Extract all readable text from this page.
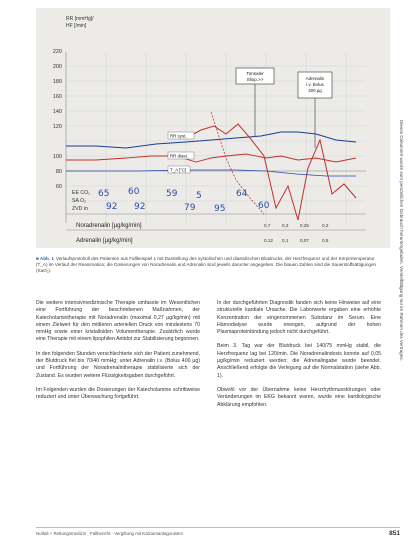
RR [mmHg]/
HF [/min]
220
200
180
160
140
120
100
80
60
Tonsaler
Sliop.>>	Adrenalin
i.v. Bolus
400 µg
RR syst.
RR diast.
T_A [°C]
EE CO₂
SA O₂
ZVD in
65 60	59 5	64
92 92	79 95	60
Noradrenalin [µg/kg/min]	0,7	0,3	0,25	0,2
Adrenalin [µg/kg/min]	0,12 0,1	0,07	0,5
■ Abb. 1 Verlaufsprotokoll des Patienten aus Fallbeispiel 1 mit Darstellung des systolischen und diastolischen Blutdrucks, der Herzfrequenz und der Körpertemperatur (T_A) im Verlauf der Reanimation; die Dosierungen von Noradrenalin und Adrenalin sind jeweils darunter angegeben. Die blauen Zahlen sind die Sauerstoffsättigungen (SaO₂).

Die weitere intensivmedizinische Therapie umfasste im Wesentlichen eine Fortführung der beschriebenen Maßnahmen, der Katecholamintherapie mit Noradrenalin (maximal 0,27 µg/kg/min) mit einem Zielwert für den mittleren arteriellen Druck von mindestens 70 mmHg sowie einer kristalloiden Volumentherapie. Zusätzlich wurde eine Therapie mit einem lipophilen Antidot zur Stabilisierung begonnen.

In den folgenden Stunden verschlechterte sich der Patient zunehmend, der Blutdruck fiel bis 70/40 mmHg; unter Adrenalin i.v. (Bolus 400 µg) und Fortführung der Noradrenalintherapie stabilisierte sich der Zustand. Es wurden weitere Flüssigkeitsgaben durchgeführt.

Im Folgenden wurden die Dosierungen der Katecholamine schrittweise reduziert und unter Überwachung fortgeführt.

In der durchgeführten Diagnostik fanden sich keine Hinweise auf eine strukturelle kardiale Ursache. Die Laborwerte ergaben eine erhöhte Konzentration der eingenommenen Substanz im Serum. Eine Hämodialyse wurde erwogen, aufgrund der hohen Plasmaproteinbindung jedoch nicht durchgeführt.

Beim 3. Tag war der Blutdruck bei 140/75 mmHg stabil, die Herzfrequenz lag bei 120/min. Die Noradrenalindosis konnte auf 0,05 µg/kg/min reduziert werden; die Adrenalingabe wurde beendet. Anschließend erfolgte die Verlegung auf die Normalstation (siehe Abb. 1).

Obwohl vor der Übernahme keine Herzrhythmusstörungen oder Veränderungen im EKG bekannt waren, wurde eine kardiologische Abklärung empfohlen.

Notfall + Rettungsmedizin · Fallbericht · Vergiftung mit Kalziumantagonisten	851
Dieses Dokument wurde zum persönlichen Gebrauch heruntergeladen. Vervielfältigung nur im Rahmen des Vertrages.
